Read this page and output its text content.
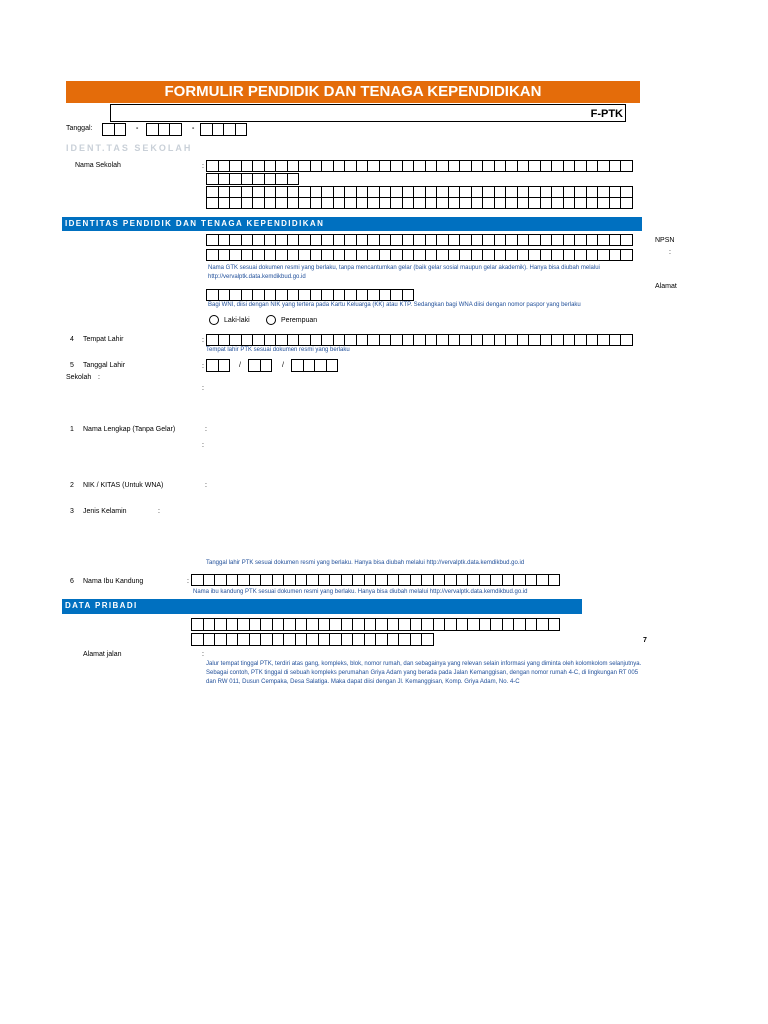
FORMULIR PENDIDIK DAN TENAGA KEPENDIDIKAN
F-PTK
Tanggal:	-	-
IDENT.TAS SEKOLAH
Nama Sekolah	:
IDENTITAS PENDIDIK DAN TENAGA KEPENDIDIKAN
NPSN
:
Nama GTK sesuai dokumen resmi yang berlaku, tanpa mencantumkan gelar (baik gelar sosial maupun gelar akademik). Hanya bisa diubah melalui http://vervalptk.data.kemdikbud.go.id
Alamat
Bagi WNI, diisi dengan NIK yang tertera pada Kartu Keluarga (KK) atau KTP. Sedangkan bagi WNA diisi dengan nomor paspor yang berlaku
Laki-laki	Perempuan
4 Tempat Lahir	:
Tempat lahir PTK sesuai dokumen resmi yang berlaku
5 Tanggal Lahir	:	/	/
Sekolah :
:
1 Nama Lengkap (Tanpa Gelar)	:
:
2 NIK / KITAS (Untuk WNA)	:
3 Jenis Kelamin	:
Tanggal lahir PTK sesuai dokumen resmi yang berlaku. Hanya bisa diubah melalui http://vervalptk.data.kemdikbud.go.id
6 Nama Ibu Kandung	:
Nama ibu kandung PTK sesuai dokumen resmi yang berlaku. Hanya bisa diubah melalui http://vervalptk.data.kemdikbud.go.id
DATA PRIBADI
7
Alamat jalan	:
Jalur tempat tinggal PTK, terdiri atas gang, kompleks, blok, nomor rumah, dan sebagainya yang relevan selain informasi yang diminta oleh kolomkolom selanjutnya. Sebagai contoh, PTK tinggal di sebuah kompleks perumahan Griya Adam yang berada pada Jalan Kemanggisan, dengan nomor rumah 4-C, di lingkungan RT 005 dan RW 011, Dusun Cempaka, Desa Salatiga. Maka dapat diisi dengan Jl. Kemanggisan, Komp. Griya Adam, No. 4-C
